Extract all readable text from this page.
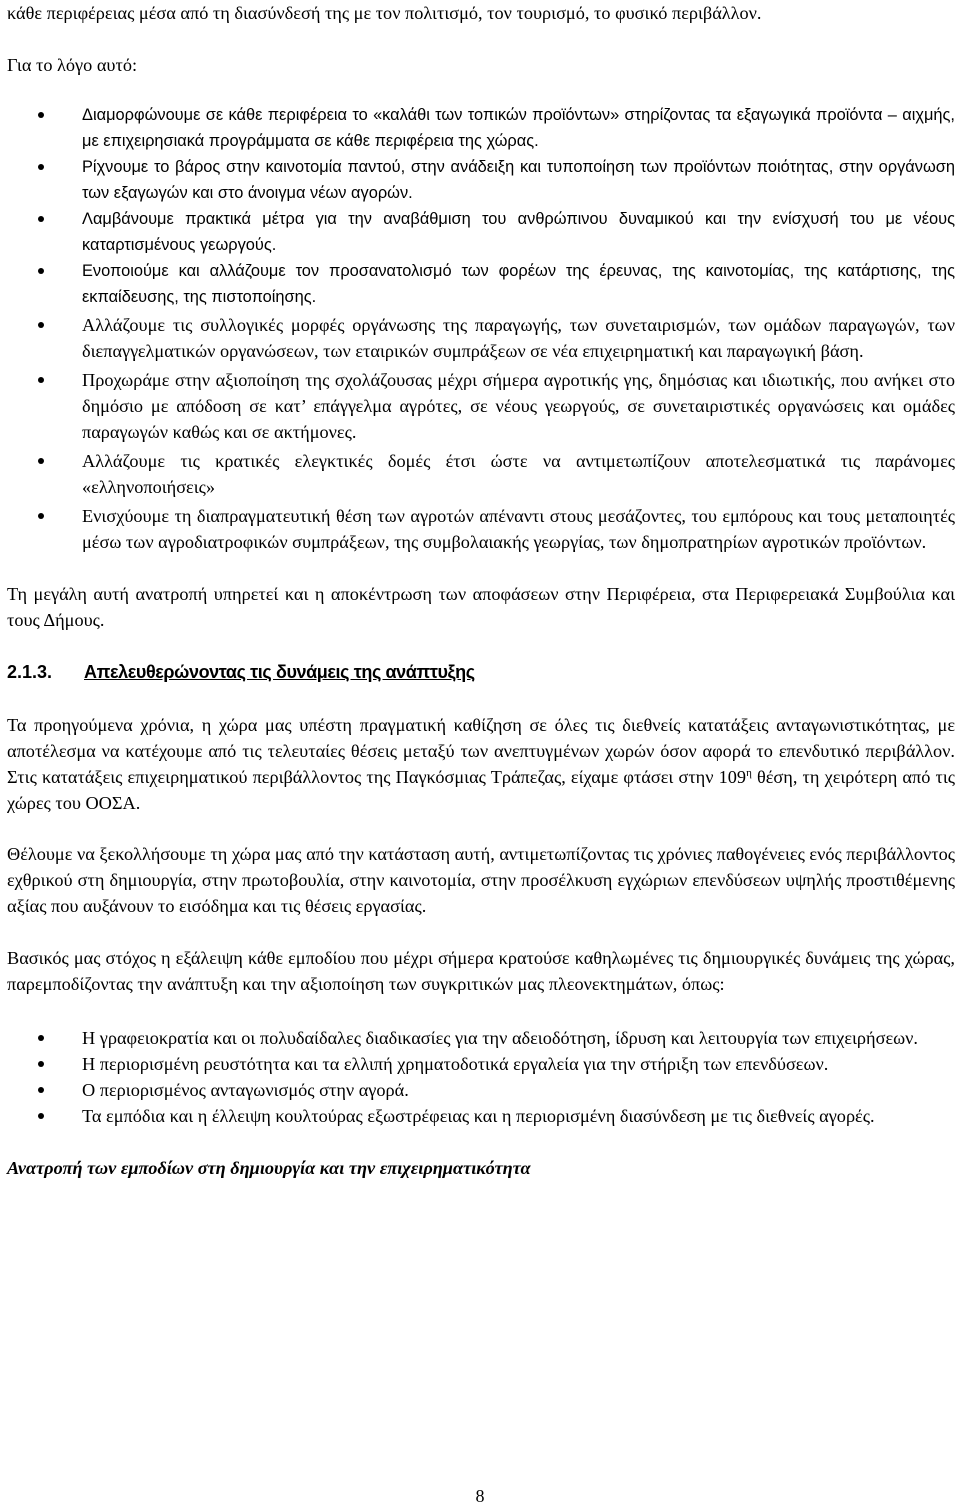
κάθε περιφέρειας μέσα από τη διασύνδεσή της με τον πολιτισμό, τον τουρισμό, το φυσικό περιβάλλον.

Για το λόγο αυτό:

Διαμορφώνουμε σε κάθε περιφέρεια το «καλάθι των τοπικών προϊόντων» στηρίζοντας τα εξαγωγικά προϊόντα – αιχμής, με επιχειρησιακά προγράμματα σε κάθε περιφέρεια της χώρας.

Ρίχνουμε το βάρος στην καινοτομία παντού, στην ανάδειξη και τυποποίηση των προϊόντων ποιότητας, στην οργάνωση των εξαγωγών και στο άνοιγμα νέων αγορών.

Λαμβάνουμε πρακτικά μέτρα για την αναβάθμιση του ανθρώπινου δυναμικού και την ενίσχυσή του με νέους καταρτισμένους γεωργούς.

Ενοποιούμε και αλλάζουμε τον προσανατολισμό των φορέων της έρευνας, της καινοτομίας, της κατάρτισης, της εκπαίδευσης, της πιστοποίησης.

Αλλάζουμε τις συλλογικές μορφές οργάνωσης της παραγωγής, των συνεταιρισμών, των ομάδων παραγωγών, των διεπαγγελματικών οργανώσεων, των εταιρικών συμπράξεων σε νέα επιχειρηματική και παραγωγική βάση.

Προχωράμε στην αξιοποίηση της σχολάζουσας μέχρι σήμερα αγροτικής γης, δημόσιας και ιδιωτικής, που ανήκει στο δημόσιο με απόδοση σε κατ’ επάγγελμα αγρότες, σε νέους γεωργούς, σε συνεταιριστικές οργανώσεις και ομάδες παραγωγών καθώς και σε ακτήμονες.

Αλλάζουμε τις κρατικές ελεγκτικές δομές έτσι ώστε να αντιμετωπίζουν αποτελεσματικά τις παράνομες «ελληνοποιήσεις»

Ενισχύουμε τη διαπραγματευτική θέση των αγροτών απέναντι στους μεσάζοντες, του εμπόρους και τους μεταποιητές μέσω των αγροδιατροφικών συμπράξεων, της συμβολαιακής γεωργίας, των δημοπρατηρίων αγροτικών προϊόντων.

Τη μεγάλη αυτή ανατροπή υπηρετεί και η αποκέντρωση των αποφάσεων στην Περιφέρεια, στα Περιφερειακά Συμβούλια και τους Δήμους.

2.1.3. Απελευθερώνοντας τις δυνάμεις της ανάπτυξης

Τα προηγούμενα χρόνια, η χώρα μας υπέστη πραγματική καθίζηση σε όλες τις διεθνείς κατατάξεις ανταγωνιστικότητας, με αποτέλεσμα να κατέχουμε από τις τελευταίες θέσεις μεταξύ των ανεπτυγμένων χωρών όσον αφορά το επενδυτικό περιβάλλον. Στις κατατάξεις επιχειρηματικού περιβάλλοντος της Παγκόσμιας Τράπεζας, είχαμε φτάσει στην $109^\eta$ θέση, τη χειρότερη από τις χώρες του ΟΟΣΑ.

Θέλουμε να ξεκολλήσουμε τη χώρα μας από την κατάσταση αυτή, αντιμετωπίζοντας τις χρόνιες παθογένειες ενός περιβάλλοντος εχθρικού στη δημιουργία, στην πρωτοβουλία, στην καινοτομία, στην προσέλκυση εγχώριων επενδύσεων υψηλής προστιθέμενης αξίας που αυξάνουν το εισόδημα και τις θέσεις εργασίας.

Βασικός μας στόχος η εξάλειψη κάθε εμποδίου που μέχρι σήμερα κρατούσε καθηλωμένες τις δημιουργικές δυνάμεις της χώρας, παρεμποδίζοντας την ανάπτυξη και την αξιοποίηση των συγκριτικών μας πλεονεκτημάτων, όπως:

Η γραφειοκρατία και οι πολυδαίδαλες διαδικασίες για την αδειοδότηση, ίδρυση και λειτουργία των επιχειρήσεων.

Η περιορισμένη ρευστότητα και τα ελλιπή χρηματοδοτικά εργαλεία για την στήριξη των επενδύσεων.

Ο περιορισμένος ανταγωνισμός στην αγορά.

Τα εμπόδια και η έλλειψη κουλτούρας εξωστρέφειας και η περιορισμένη διασύνδεση με τις διεθνείς αγορές.

Ανατροπή των εμποδίων στη δημιουργία και την επιχειρηματικότητα

8
